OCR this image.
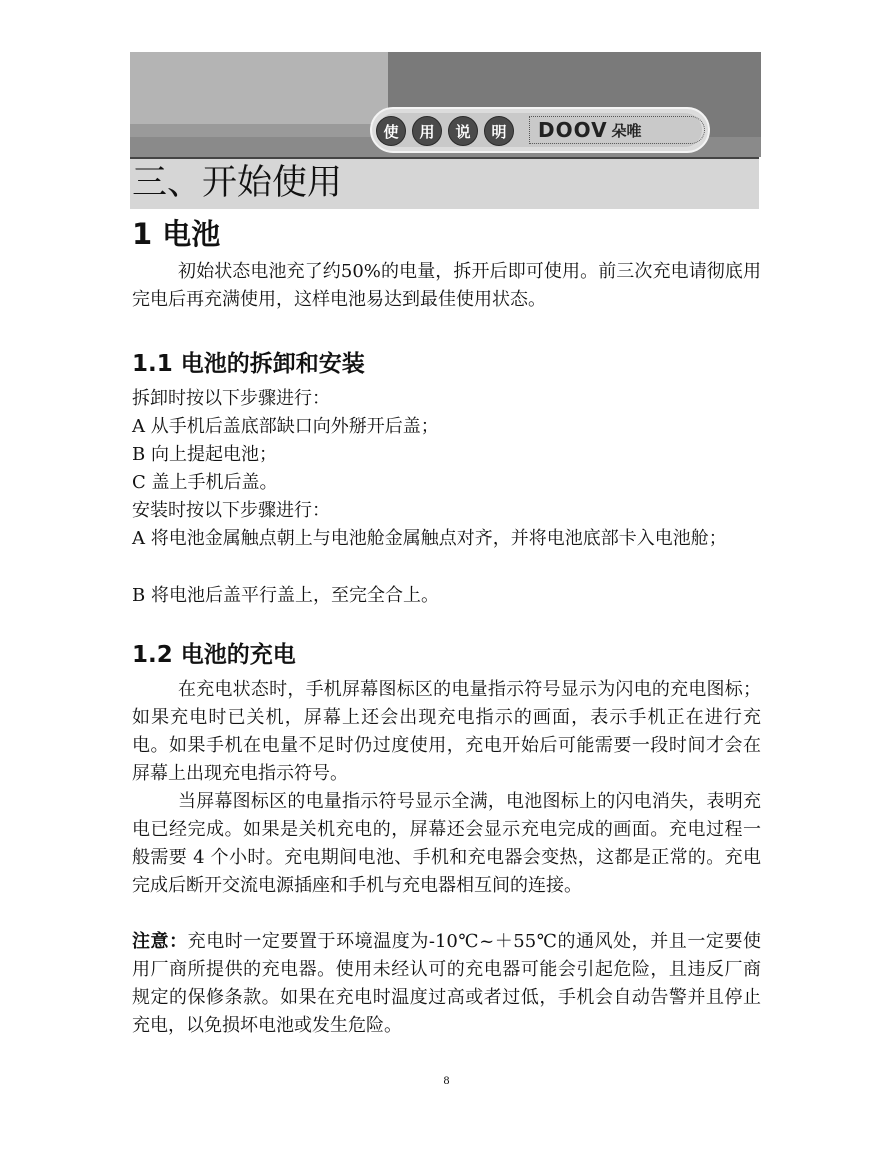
使	用	说	明	DOOV 朵唯
三、开始使用
1 电池

初始状态电池充了约50%的电量，拆开后即可使用。前三次充电请彻底用完电后再充满使用，这样电池易达到最佳使用状态。

1.1 电池的拆卸和安装

拆卸时按以下步骤进行：

A 从手机后盖底部缺口向外掰开后盖；

B 向上提起电池；

C 盖上手机后盖。

安装时按以下步骤进行：

A 将电池金属触点朝上与电池舱金属触点对齐，并将电池底部卡入电池舱；

B 将电池后盖平行盖上，至完全合上。

1.2 电池的充电

在充电状态时，手机屏幕图标区的电量指示符号显示为闪电的充电图标；如果充电时已关机，屏幕上还会出现充电指示的画面，表示手机正在进行充电。如果手机在电量不足时仍过度使用，充电开始后可能需要一段时间才会在屏幕上出现充电指示符号。

当屏幕图标区的电量指示符号显示全满，电池图标上的闪电消失，表明充电已经完成。如果是关机充电的，屏幕还会显示充电完成的画面。充电过程一般需要 4 个小时。充电期间电池、手机和充电器会变热，这都是正常的。充电完成后断开交流电源插座和手机与充电器相互间的连接。

注意：充电时一定要置于环境温度为-10℃~＋55℃的通风处，并且一定要使用厂商所提供的充电器。使用未经认可的充电器可能会引起危险，且违反厂商规定的保修条款。如果在充电时温度过高或者过低，手机会自动告警并且停止充电，以免损坏电池或发生危险。

8
